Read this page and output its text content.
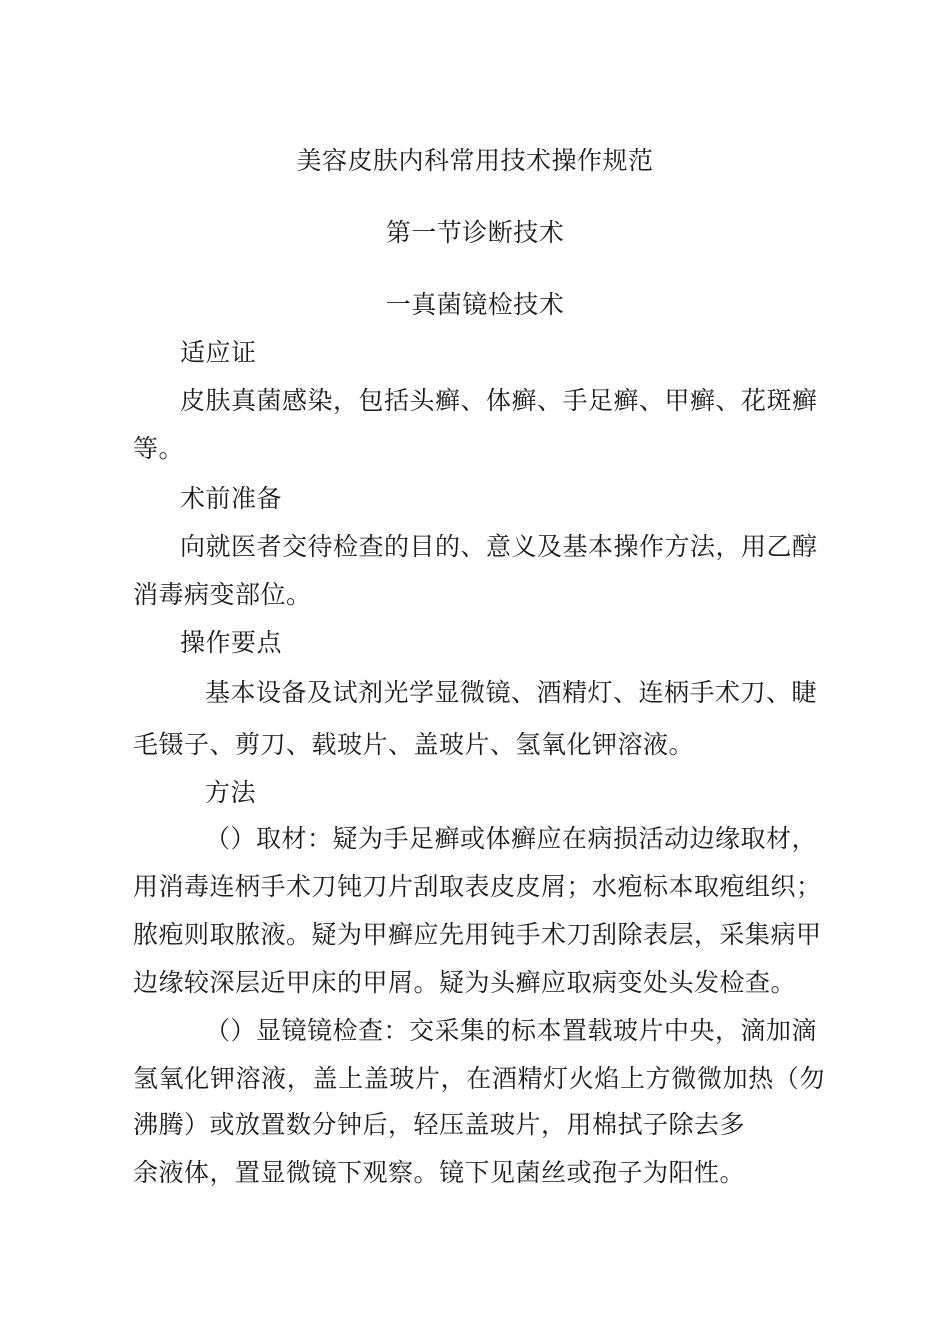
美容皮肤内科常用技术操作规范
第一节诊断技术
一真菌镜检技术
适应证
皮肤真菌感染，包括头癣、体癣、手足癣、甲癣、花斑癣
等。
术前准备
向就医者交待检查的目的、意义及基本操作方法，用乙醇
消毒病变部位。
操作要点
基本设备及试剂光学显微镜、酒精灯、连柄手术刀、睫
毛镊子、剪刀、载玻片、盖玻片、氢氧化钾溶液。
方法
（）取材：疑为手足癣或体癣应在病损活动边缘取材，
用消毒连柄手术刀钝刀片刮取表皮皮屑；水疱标本取疱组织；
脓疱则取脓液。疑为甲癣应先用钝手术刀刮除表层，采集病甲
边缘较深层近甲床的甲屑。疑为头癣应取病变处头发检查。
（）显镜镜检查：交采集的标本置载玻片中央，滴加滴
氢氧化钾溶液，盖上盖玻片，在酒精灯火焰上方微微加热（勿
沸腾）或放置数分钟后，轻压盖玻片，用棉拭子除去多
余液体，置显微镜下观察。镜下见菌丝或孢子为阳性。
